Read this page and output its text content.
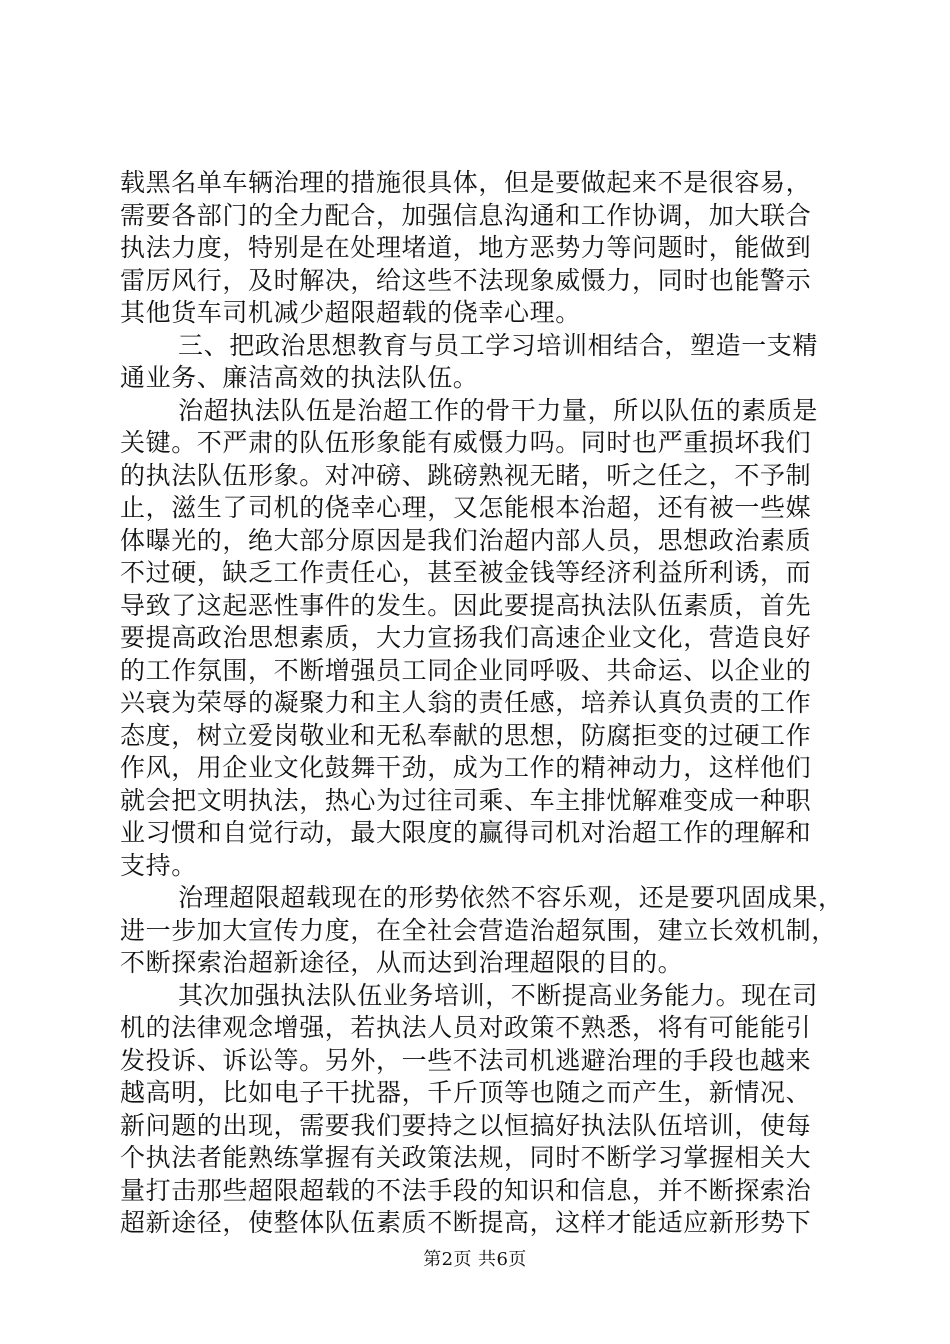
载黑名单车辆治理的措施很具体，但是要做起来不是很容易，
需要各部门的全力配合，加强信息沟通和工作协调，加大联合
执法力度，特别是在处理堵道，地方恶势力等问题时，能做到
雷厉风行，及时解决，给这些不法现象威慑力，同时也能警示
其他货车司机减少超限超载的侥幸心理。

三、把政治思想教育与员工学习培训相结合，塑造一支精
通业务、廉洁高效的执法队伍。

治超执法队伍是治超工作的骨干力量，所以队伍的素质是
关键。不严肃的队伍形象能有威慑力吗。同时也严重损坏我们
的执法队伍形象。对冲磅、跳磅熟视无睹，听之任之，不予制
止，滋生了司机的侥幸心理，又怎能根本治超，还有被一些媒
体曝光的，绝大部分原因是我们治超内部人员，思想政治素质
不过硬，缺乏工作责任心，甚至被金钱等经济利益所利诱，而
导致了这起恶性事件的发生。因此要提高执法队伍素质，首先
要提高政治思想素质，大力宣扬我们高速企业文化，营造良好
的工作氛围，不断增强员工同企业同呼吸、共命运、以企业的
兴衰为荣辱的凝聚力和主人翁的责任感，培养认真负责的工作
态度，树立爱岗敬业和无私奉献的思想，防腐拒变的过硬工作
作风，用企业文化鼓舞干劲，成为工作的精神动力，这样他们
就会把文明执法，热心为过往司乘、车主排忧解难变成一种职
业习惯和自觉行动，最大限度的赢得司机对治超工作的理解和
支持。

治理超限超载现在的形势依然不容乐观，还是要巩固成果，
进一步加大宣传力度，在全社会营造治超氛围，建立长效机制，
不断探索治超新途径，从而达到治理超限的目的。

其次加强执法队伍业务培训，不断提高业务能力。现在司
机的法律观念增强，若执法人员对政策不熟悉，将有可能能引
发投诉、诉讼等。另外，一些不法司机逃避治理的手段也越来
越高明，比如电子干扰器，千斤顶等也随之而产生，新情况、
新问题的出现，需要我们要持之以恒搞好执法队伍培训，使每
个执法者能熟练掌握有关政策法规，同时不断学习掌握相关大
量打击那些超限超载的不法手段的知识和信息，并不断探索治
超新途径，使整体队伍素质不断提高，这样才能适应新形势下

第2页 共6页
